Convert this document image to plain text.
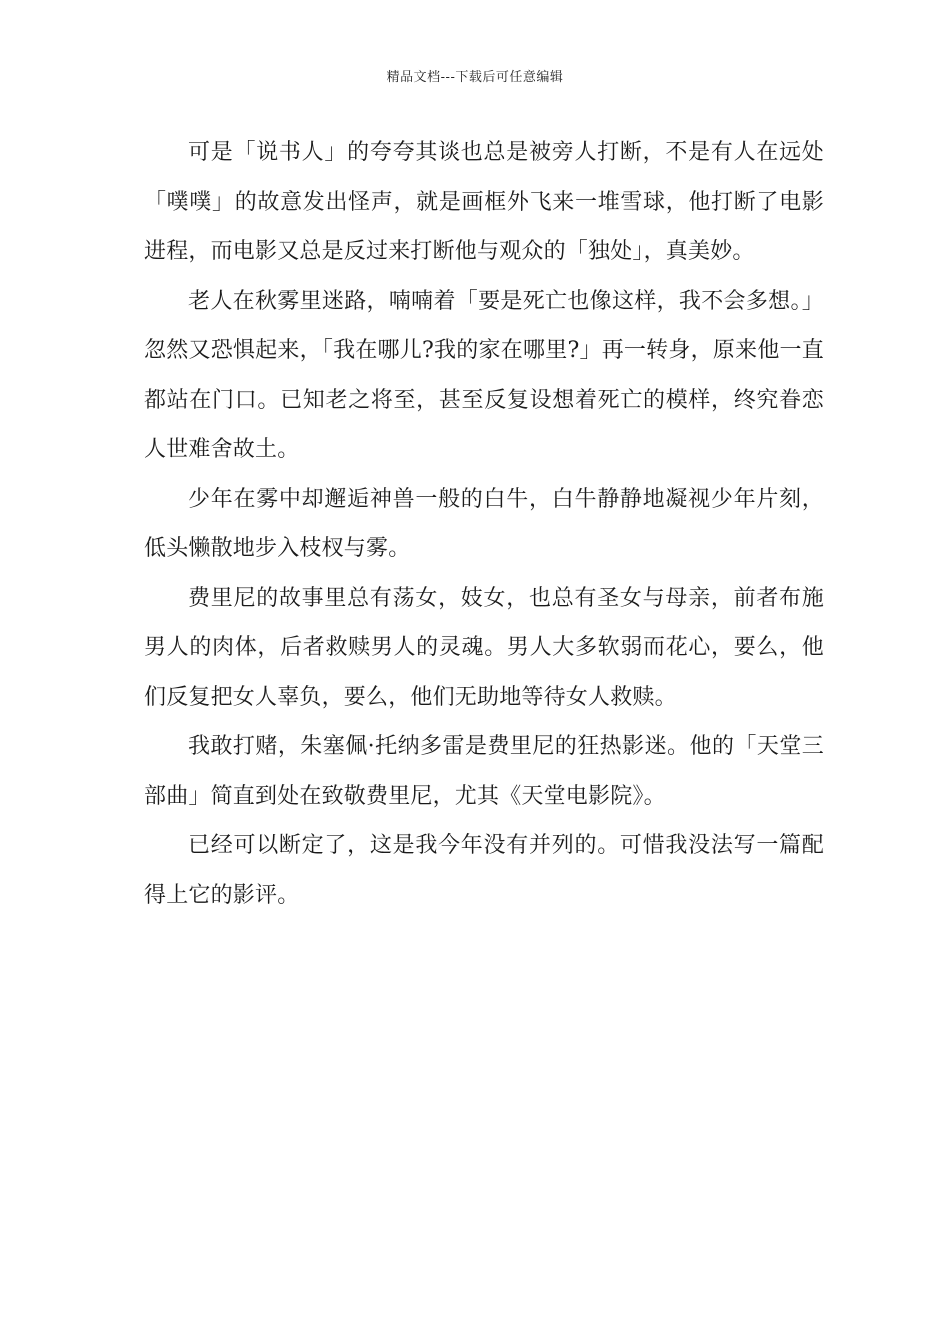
精品文档---下载后可任意编辑

可是「说书人」的夸夸其谈也总是被旁人打断，不是有人在远处「噗噗」的故意发出怪声，就是画框外飞来一堆雪球，他打断了电影进程，而电影又总是反过来打断他与观众的「独处」，真美妙。

老人在秋雾里迷路，喃喃着「要是死亡也像这样，我不会多想。」忽然又恐惧起来，「我在哪儿?我的家在哪里?」再一转身，原来他一直都站在门口。已知老之将至，甚至反复设想着死亡的模样，终究眷恋人世难舍故土。

少年在雾中却邂逅神兽一般的白牛，白牛静静地凝视少年片刻，低头懒散地步入枝杈与雾。

费里尼的故事里总有荡女，妓女，也总有圣女与母亲，前者布施男人的肉体，后者救赎男人的灵魂。男人大多软弱而花心，要么，他们反复把女人辜负，要么，他们无助地等待女人救赎。

我敢打赌，朱塞佩·托纳多雷是费里尼的狂热影迷。他的「天堂三部曲」简直到处在致敬费里尼，尤其《天堂电影院》。

已经可以断定了，这是我今年没有并列的。可惜我没法写一篇配得上它的影评。
